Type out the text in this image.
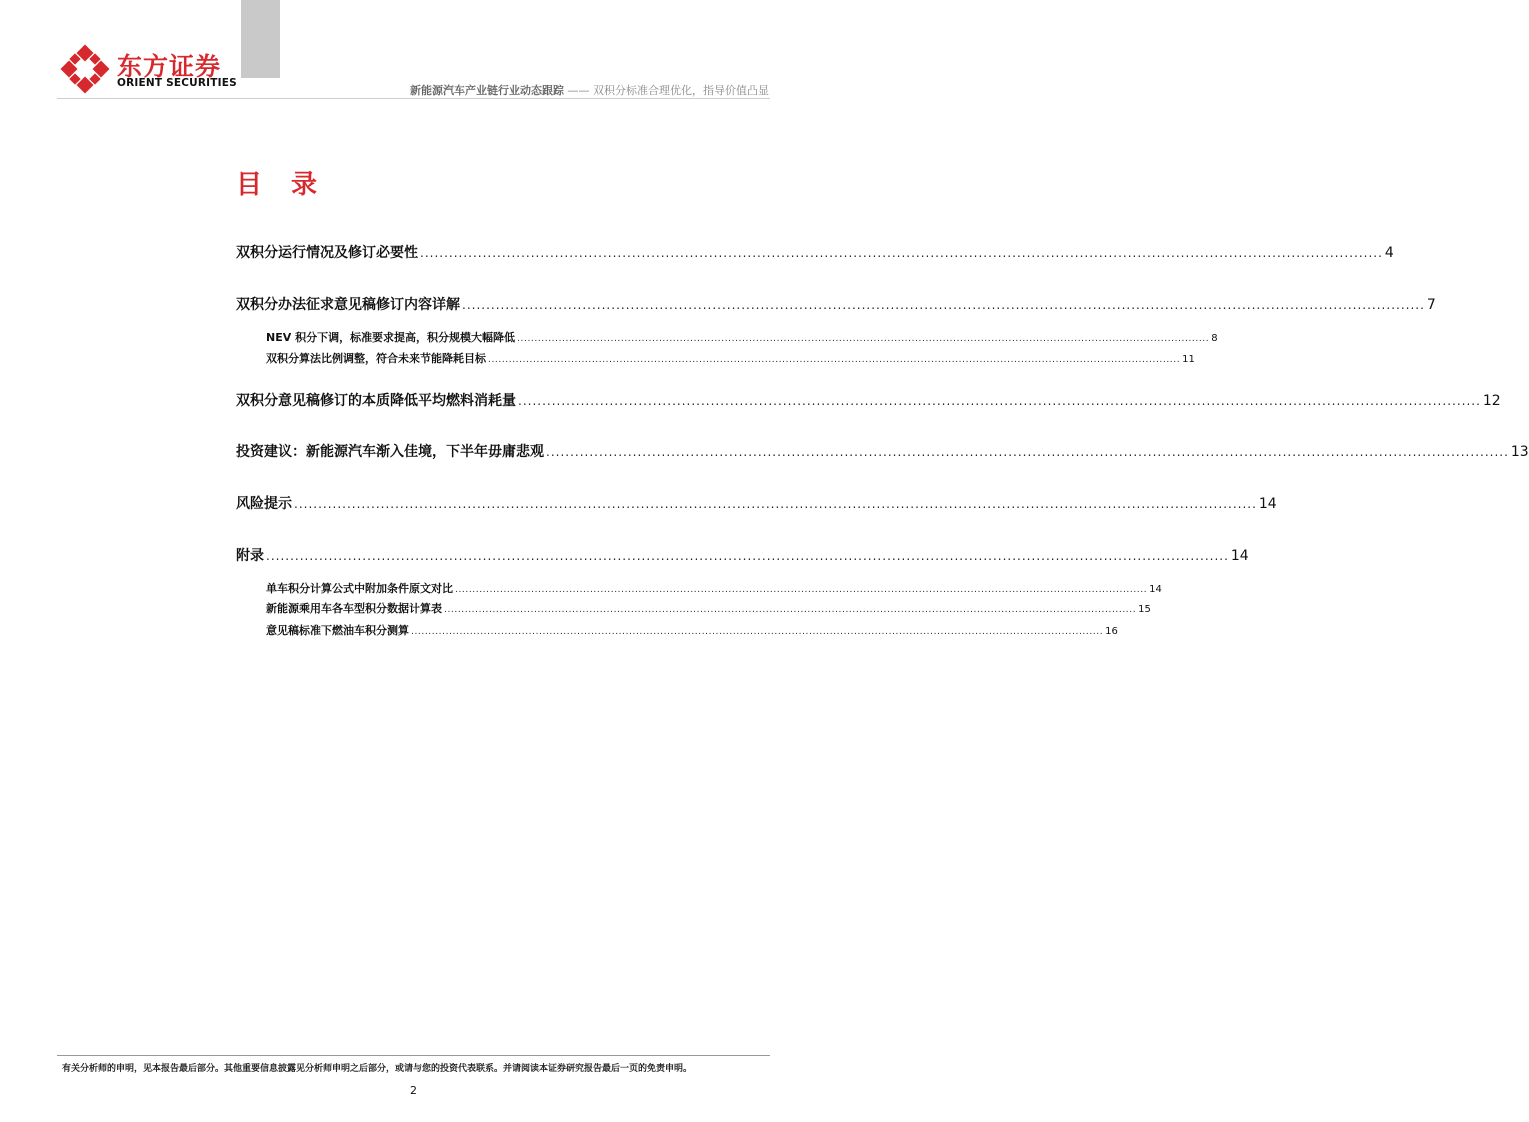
东方证券
ORIENT SECURITIES
新能源汽车产业链行业动态跟踪 —— 双积分标准合理优化，指导价值凸显
目 录
双积分运行情况及修订必要性 ........................................................................................................................................................................................................ 4
双积分办法征求意见稿修订内容详解 ........................................................................................................................................................................................................ 7
NEV 积分下调，标准要求提高，积分规模大幅降低 ........................................................................................................................................................................................................ 8
双积分算法比例调整，符合未来节能降耗目标 ........................................................................................................................................................................................................ 11
双积分意见稿修订的本质降低平均燃料消耗量 ........................................................................................................................................................................................................ 12
投资建议：新能源汽车渐入佳境，下半年毋庸悲观 ........................................................................................................................................................................................................ 13
风险提示 ........................................................................................................................................................................................................ 14
附录 ........................................................................................................................................................................................................ 14
单车积分计算公式中附加条件原文对比 ........................................................................................................................................................................................................ 14
新能源乘用车各车型积分数据计算表 ........................................................................................................................................................................................................ 15
意见稿标准下燃油车积分测算 ........................................................................................................................................................................................................ 16
有关分析师的申明，见本报告最后部分。其他重要信息披露见分析师申明之后部分，或请与您的投资代表联系。并请阅读本证券研究报告最后一页的免责申明。
2
